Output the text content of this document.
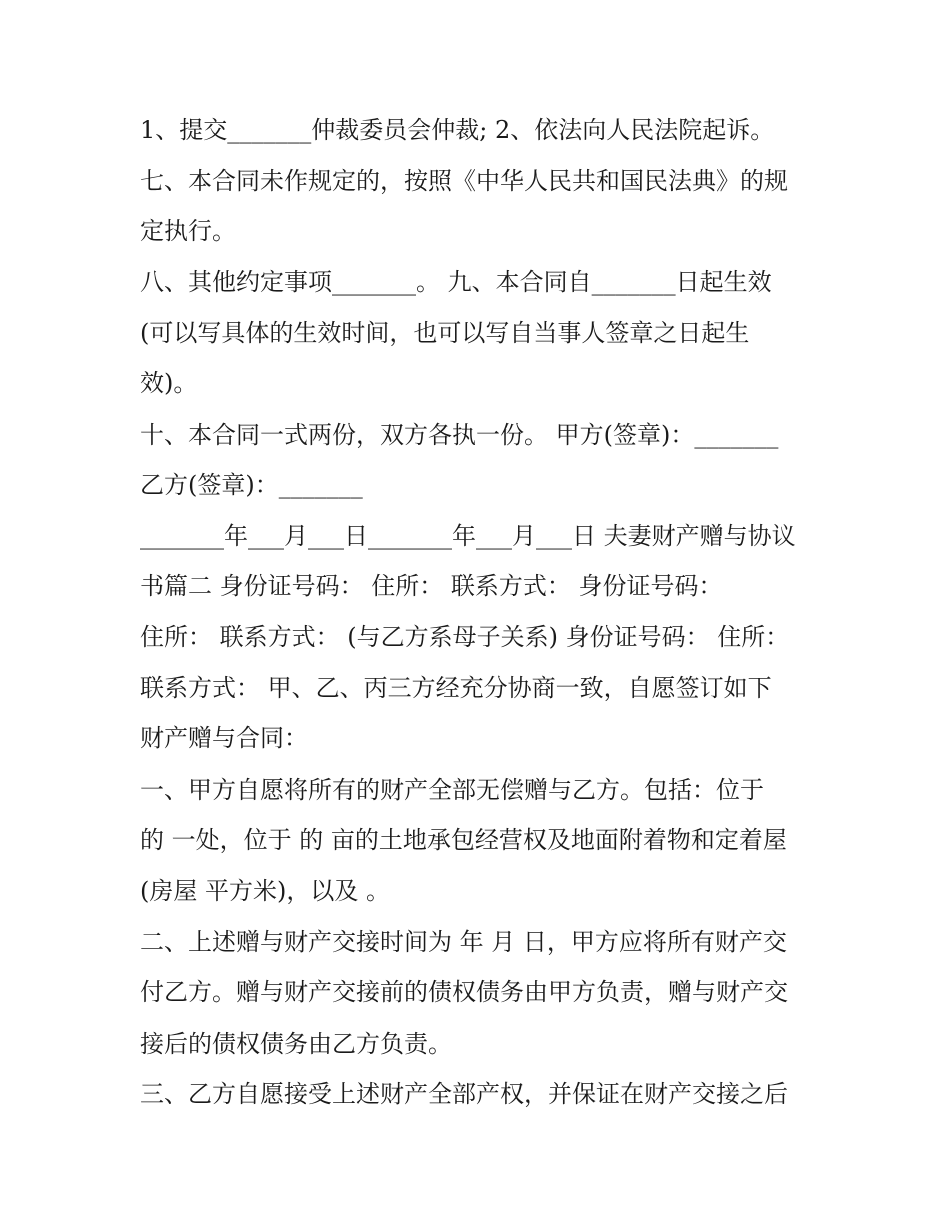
1、提交_______仲裁委员会仲裁; 2、依法向人民法院起诉。

七、本合同未作规定的，按照《中华人民共和国民法典》的规

定执行。

八、其他约定事项_______。 九、本合同自_______日起生效

(可以写具体的生效时间，也可以写自当事人签章之日起生

效)。

十、本合同一式两份，双方各执一份。 甲方(签章)：_______

乙方(签章)：_______

_______年___月___日_______年___月___日 夫妻财产赠与协议

书篇二 身份证号码： 住所： 联系方式： 身份证号码：

住所： 联系方式： (与乙方系母子关系) 身份证号码： 住所：

联系方式： 甲、乙、丙三方经充分协商一致，自愿签订如下

财产赠与合同：

一、甲方自愿将所有的财产全部无偿赠与乙方。包括：位于

的 一处，位于 的 亩的土地承包经营权及地面附着物和定着屋

(房屋 平方米)，以及 。

二、上述赠与财产交接时间为 年 月 日，甲方应将所有财产交

付乙方。赠与财产交接前的债权债务由甲方负责，赠与财产交

接后的债权债务由乙方负责。

三、乙方自愿接受上述财产全部产权，并保证在财产交接之后
